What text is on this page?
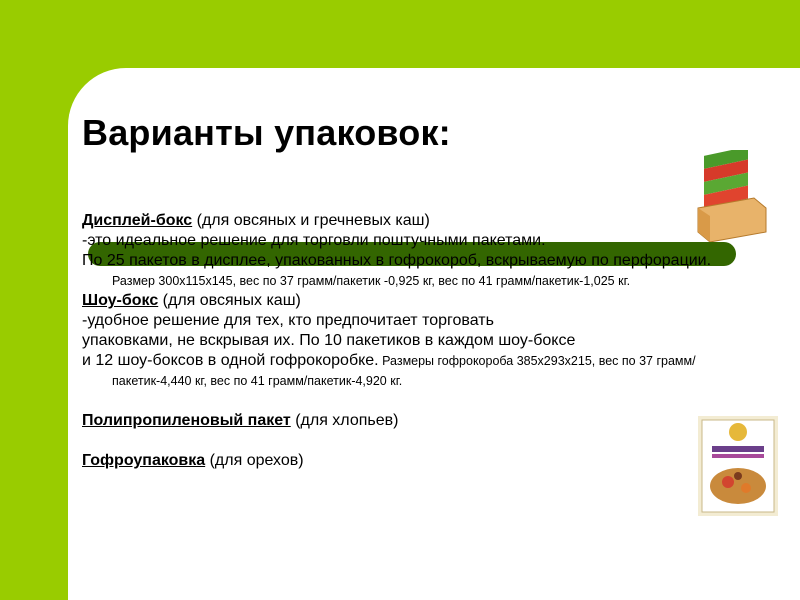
Варианты упаковок:

Дисплей-бокс (для овсяных и гречневых каш)

-это идеальное решение для торговли поштучными пакетами.

По 25 пакетов в дисплее, упакованных в гофрокороб, вскрываемую по перфорации. Размер 300х115х145, вес по 37 грамм/пакетик -0,925 кг, вес по 41 грамм/пакетик-1,025 кг.

Шоу-бокс (для овсяных каш)

-удобное решение для тех, кто предпочитает торговать

упаковками, не вскрывая их. По 10 пакетиков в каждом шоу-боксе

и 12 шоу-боксов в одной гофрокоробке. Размеры гофрокороба 385х293х215, вес по 37 грамм/пакетик-4,440 кг, вес по 41 грамм/пакетик-4,920 кг.

Полипропиленовый пакет (для хлопьев)

Гофроупаковка (для орехов)
